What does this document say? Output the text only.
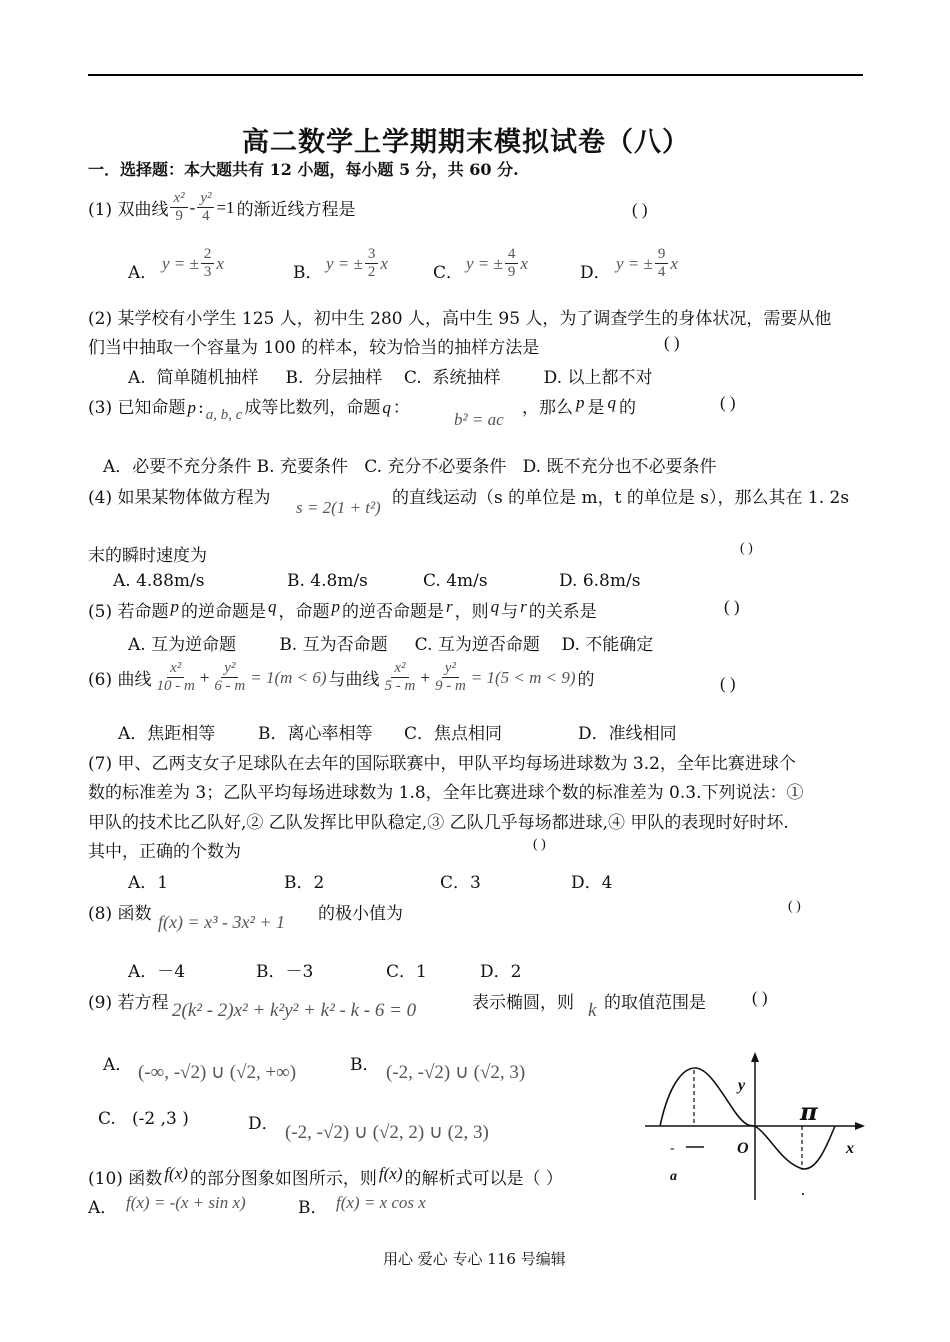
高二数学上学期期末模拟试卷（八）
一．选择题：本大题共有 12 小题，每小题 5 分，共 60 分.
(1) 双曲线 $\frac{\text{x²}}{9} - \frac{\text{y²}}{4} =1$ 的渐近线方程是	( )
A． y = ± $\frac{2}{3}$ x	B． y = ± $\frac{3}{2}$ x	C． y = ± $\frac{4}{9}$ x	D． y = ± $\frac{9}{4}$ x
(2) 某学校有小学生 125 人，初中生 280 人，高中生 95 人，为了调查学生的身体状况，需要从他
们当中抽取一个容量为 100 的样本，较为恰当的抽样方法是	( )
A.  简单随机抽样     B.  分层抽样    C.  系统抽样        D. 以上都不对
(3) 已知命题 p : a, b, c 成等比数列，命题 q ：
b² = ac
，那么 p 是 q 的	( )
A．必要不充分条件 B. 充要条件   C. 充分不必要条件   D. 既不充分也不必要条件
(4) 如果某物体做方程为 s = 2(1 + t²) 的直线运动（s 的单位是 m，t 的单位是 s），那么其在 1. 2s
末的瞬时速度为	( )
A. 4.88m/s	B. 4.8m/s	C. 4m/s	D. 6.8m/s
(5) 若命题 p 的逆命题是 q ，命题 p 的逆否命题是 r ，则 q 与 r 的关系是	( )
A. 互为逆命题        B. 互为否命题     C. 互为逆否命题    D. 不能确定
(6) 曲线 $\frac{\text{x²}}{10 - m} + \frac{\text{y²}}{6 - m} = 1(m < 6)$ 与曲线 $\frac{\text{x²}}{5 - m} + \frac{\text{y²}}{9 - m} = 1(5 < m < 9)$ 的	( )
A．焦距相等	B．离心率相等 C．焦点相同	D．准线相同
(7) 甲、乙两支女子足球队在去年的国际联赛中，甲队平均每场进球数为 3.2，全年比赛进球个
数的标准差为 3；乙队平均每场进球数为 1.8，全年比赛进球个数的标准差为 0.3.下列说法：①
甲队的技术比乙队好,② 乙队发挥比甲队稳定,③ 乙队几乎每场都进球,④ 甲队的表现时好时坏.
其中，正确的个数为	( )
A．1	B．2	C．3	D．4
(8) 函数 f(x) = x³ - 3x² + 1 的极小值为	( )
A．－4	B．－3	C．1	D．2
(9) 若方程 2(k² - 2)x² + k²y² + k² - k - 6 = 0	表示椭圆，则 k 的取值范围是	( )
A． (-∞, -√2) ∪ (√2, +∞)	B． (-2, -√2) ∪ (√2, 3)
C.   (-2 ,3 )	D． (-2, -√2) ∪ (√2, 2) ∪ (2, 3)
(10) 函数 f(x) 的部分图象如图所示，则 f(x) 的解析式可以是（ ）
A． f(x) = -(x + sin x)	B． f(x) = x cos x
y
x
O
π
-
a
用心 爱心 专心 116 号编辑
